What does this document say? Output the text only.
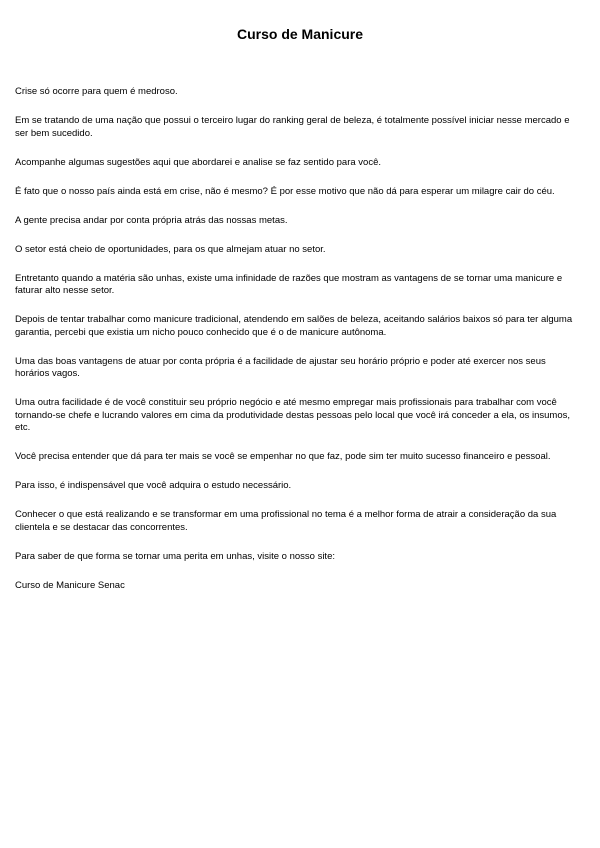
Curso de Manicure

Crise só ocorre para quem é medroso.

Em se tratando de uma nação que possui o terceiro lugar do ranking geral de beleza, é totalmente possível iniciar nesse mercado e ser bem sucedido.

Acompanhe algumas sugestões aqui que abordarei e analise se faz sentido para você.

É fato que o nosso país ainda está em crise, não é mesmo? É por esse motivo que não dá para esperar um milagre cair do céu.

A gente precisa andar por conta própria atrás das nossas metas.

O setor está cheio de oportunidades, para os que almejam atuar no setor.

Entretanto quando a matéria são unhas, existe uma infinidade de razões que mostram as vantagens de se tornar uma manicure e faturar alto nesse setor.

Depois de tentar trabalhar como manicure tradicional, atendendo em salões de beleza, aceitando salários baixos só para ter alguma garantia, percebi que existia um nicho pouco conhecido que é o de manicure autônoma.

Uma das boas vantagens de atuar por conta própria é a facilidade de ajustar seu horário próprio e poder até exercer nos seus horários vagos.

Uma outra facilidade é de você constituir seu próprio negócio e até mesmo empregar mais profissionais para trabalhar com você tornando-se chefe e lucrando valores em cima da produtividade destas pessoas pelo local que você irá conceder a ela, os insumos, etc.

Você precisa entender que dá para ter mais se você se empenhar no que faz, pode sim ter muito sucesso financeiro e pessoal.

Para isso, é indispensável que você adquira o estudo necessário.

Conhecer o que está realizando e se transformar em uma profissional no tema é a melhor forma de atrair a consideração da sua clientela e se destacar das concorrentes.

Para saber de que forma se tornar uma perita em unhas, visite o nosso site:

Curso de Manicure Senac
